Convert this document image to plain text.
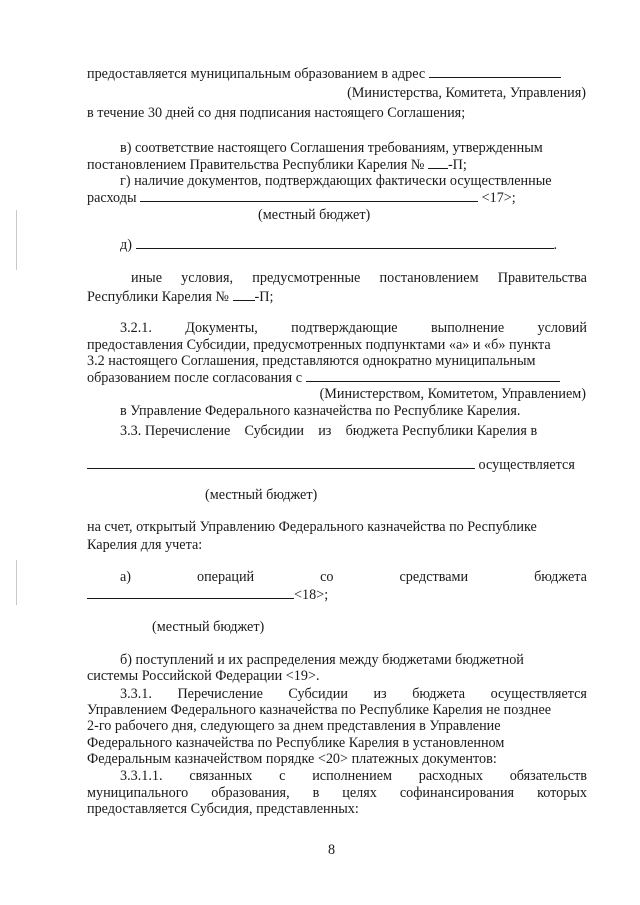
предоставляется муниципальным образованием в адрес
(Министерства, Комитета, Управления)
в течение 30 дней со дня подписания настоящего Соглашения;
в) соответствие настоящего Соглашения требованиям, утвержденным
постановлением Правительства Республики Карелия № -П;
г) наличие документов, подтверждающих фактически осуществленные
расходы	<17>;
(местный бюджет)
д)	.
иные условия, предусмотренные постановлением Правительства
Республики Карелия № -П;
3.2.1. Документы, подтверждающие выполнение условий
предоставления Субсидии, предусмотренных подпунктами «а» и «б» пункта
3.2 настоящего Соглашения, представляются однократно муниципальным
образованием после согласования с
(Министерством, Комитетом, Управлением)
в Управление Федерального казначейства по Республике Карелия.
3.3. Перечисление Субсидии из бюджета Республики Карелия в
осуществляется
(местный бюджет)
на счет, открытый Управлению Федерального казначейства по Республике
Карелия для учета:
а)	операций	со	средствами	бюджета
<18>;
(местный бюджет)
б) поступлений и их распределения между бюджетами бюджетной
системы Российской Федерации <19>.
3.3.1. Перечисление Субсидии из бюджета осуществляется
Управлением Федерального казначейства по Республике Карелия не позднее
2-го рабочего дня, следующего за днем представления в Управление
Федерального казначейства по Республике Карелия в установленном
Федеральным казначейством порядке <20> платежных документов:
3.3.1.1. связанных с исполнением расходных обязательств
муниципального образования, в целях софинансирования которых
предоставляется Субсидия, представленных:
8
